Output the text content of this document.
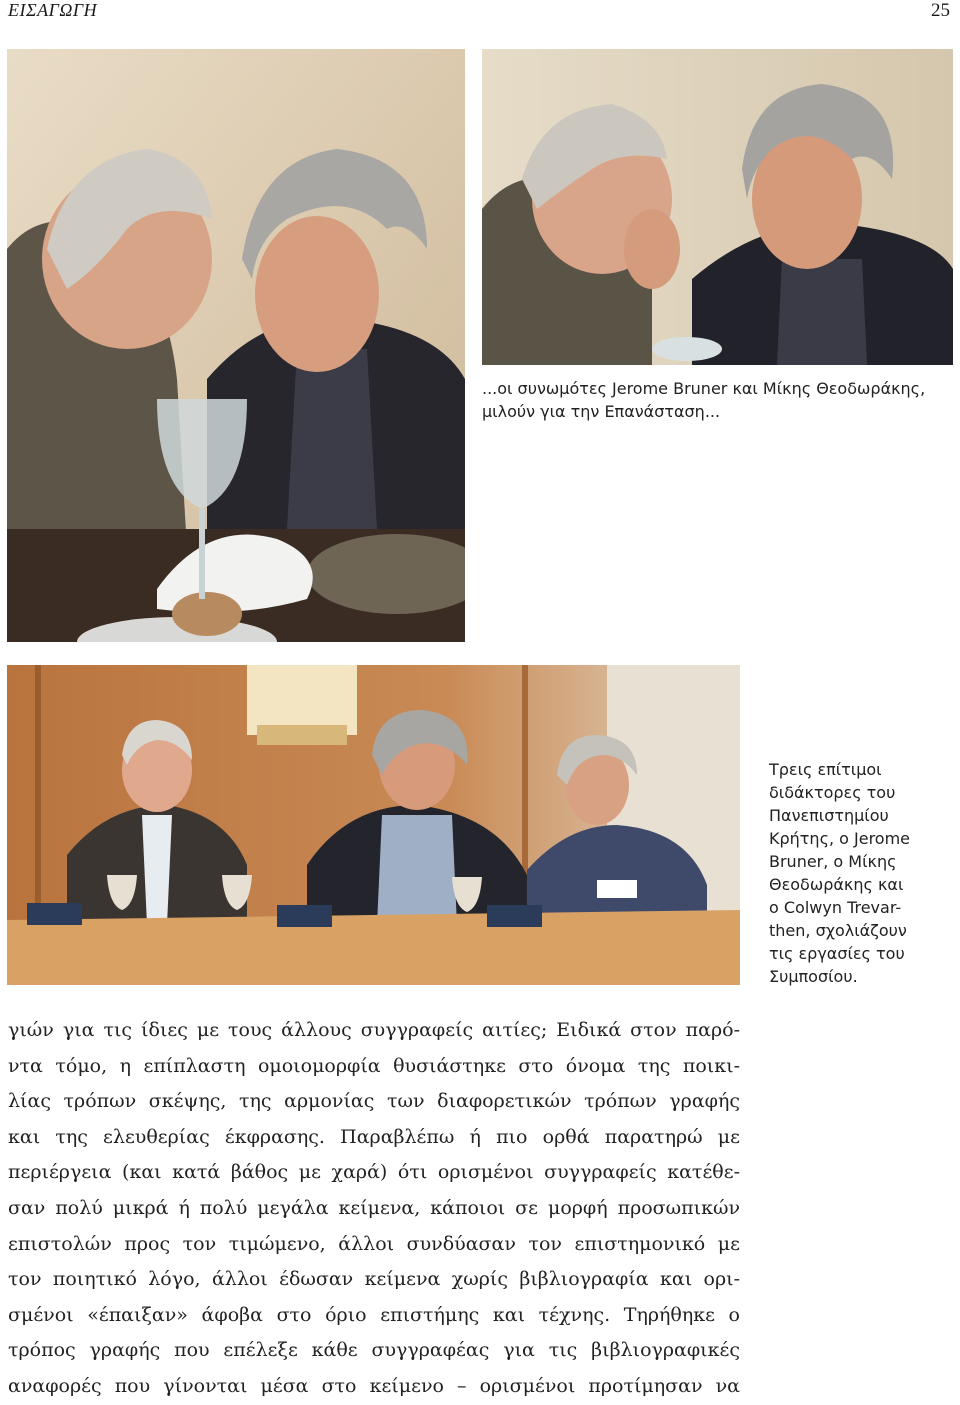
ΕΙΣΑΓΩΓΗ	25
...οι συνωμότες Jerome Bruner και Μίκης Θεοδωράκης,
μιλούν για την Επανάσταση...
Τρεις επίτιμοι
διδάκτορες του
Πανεπιστημίου
Κρήτης, ο Jerome
Bruner, o Μίκης
Θεοδωράκης και
ο Colwyn Trevar-
then, σχολιάζουν
τις εργασίες του
Συμποσίου.
γιών για τις ίδιες με τους άλλους συγγραφείς αιτίες; Ειδικά στον παρό-
ντα τόμο, η επίπλαστη ομοιομορφία θυσιάστηκε στο όνομα της ποικι-
λίας τρόπων σκέψης, της αρμονίας των διαφορετικών τρόπων γραφής
και της ελευθερίας έκφρασης. Παραβλέπω ή πιο ορθά παρατηρώ με
περιέργεια (και κατά βάθος με χαρά) ότι ορισμένοι συγγραφείς κατέθε-
σαν πολύ μικρά ή πολύ μεγάλα κείμενα, κάποιοι σε μορφή προσωπικών
επιστολών προς τον τιμώμενο, άλλοι συνδύασαν τον επιστημονικό με
τον ποιητικό λόγο, άλλοι έδωσαν κείμενα χωρίς βιβλιογραφία και ορι-
σμένοι «έπαιξαν» άφοβα στο όριο επιστήμης και τέχνης. Τηρήθηκε ο
τρόπος γραφής που επέλεξε κάθε συγγραφέας για τις βιβλιογραφικές
αναφορές που γίνονται μέσα στο κείμενο – ορισμένοι προτίμησαν να
